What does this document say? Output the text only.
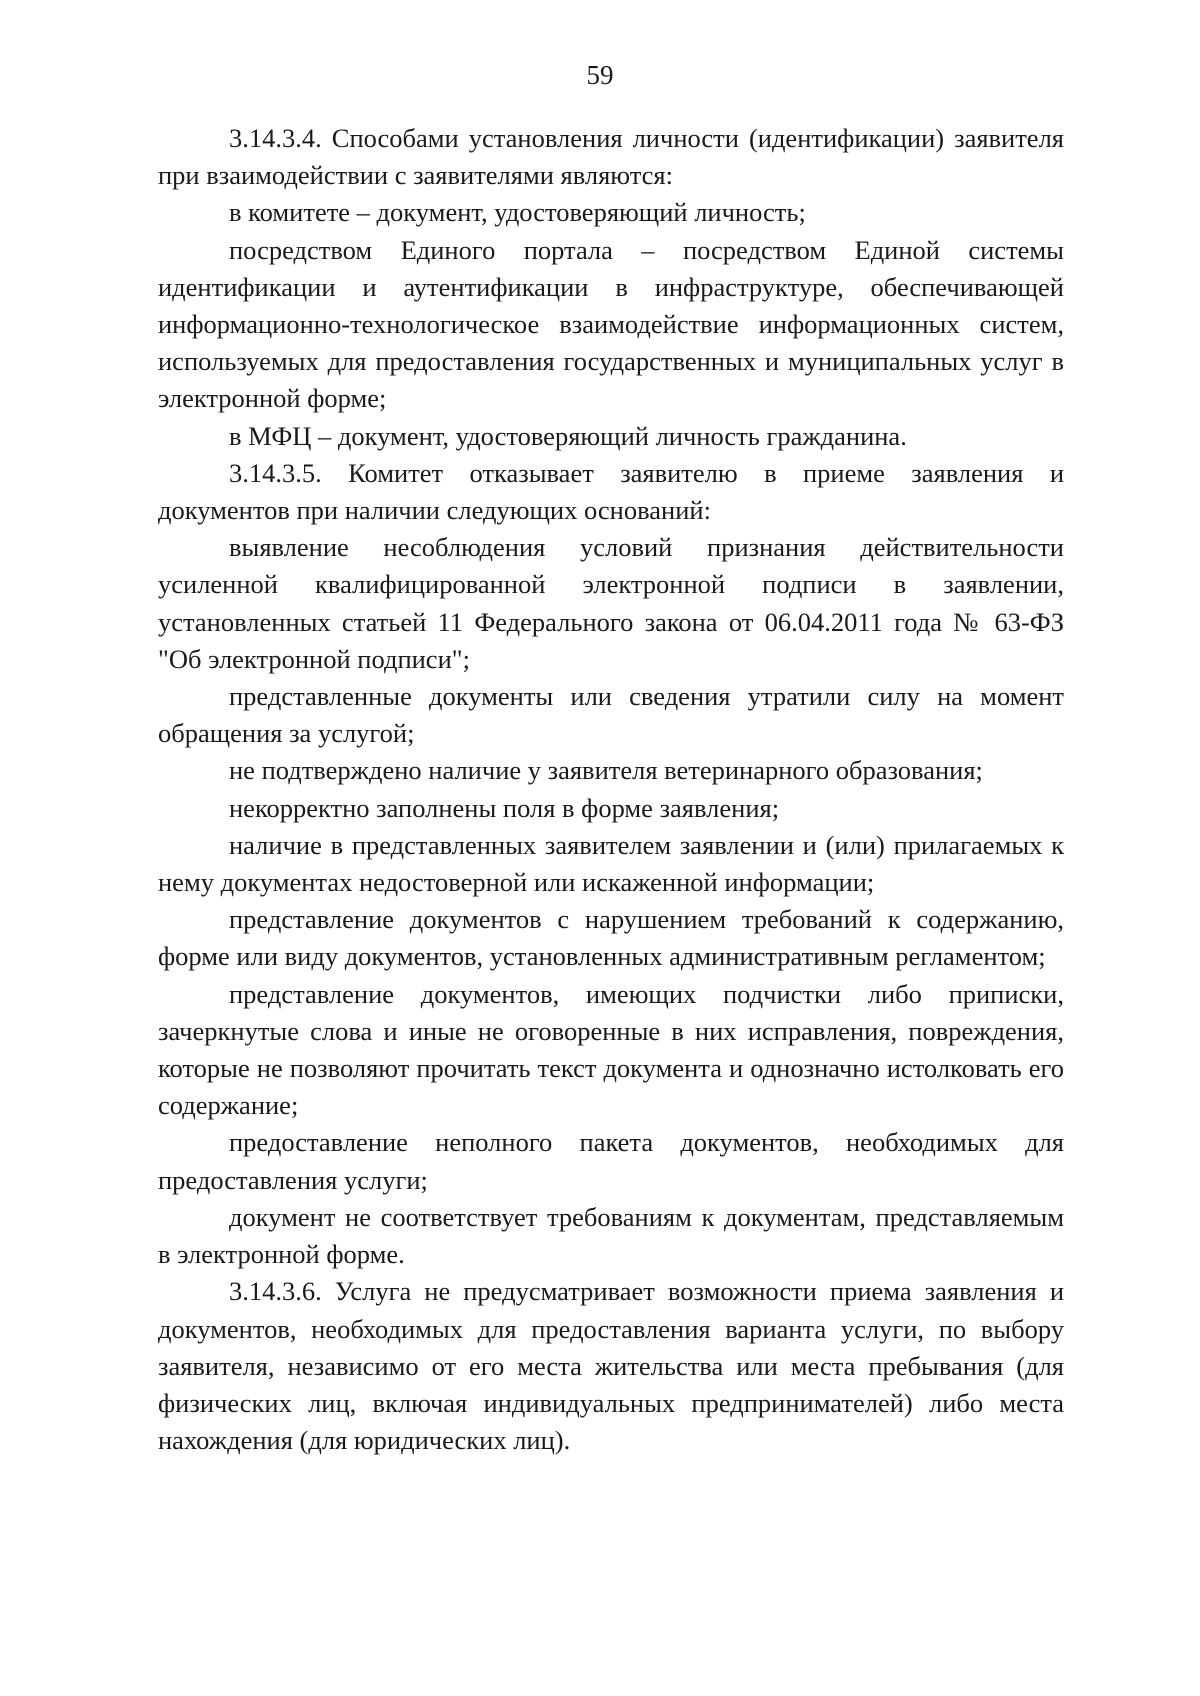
59

3.14.3.4. Способами установления личности (идентификации) заявителя при взаимодействии с заявителями являются:

в комитете – документ, удостоверяющий личность;

посредством Единого портала – посредством Единой системы идентификации и аутентификации в инфраструктуре, обеспечивающей информационно-технологическое взаимодействие информационных систем, используемых для предоставления государственных и муниципальных услуг в электронной форме;

в МФЦ – документ, удостоверяющий личность гражданина.

3.14.3.5. Комитет отказывает заявителю в приеме заявления и документов при наличии следующих оснований:

выявление несоблюдения условий признания действительности усиленной квалифицированной электронной подписи в заявлении, установленных статьей 11 Федерального закона от 06.04.2011 года № 63-ФЗ "Об электронной подписи";

представленные документы или сведения утратили силу на момент обращения за услугой;

не подтверждено наличие у заявителя ветеринарного образования;

некорректно заполнены поля в форме заявления;

наличие в представленных заявителем заявлении и (или) прилагаемых к нему документах недостоверной или искаженной информации;

представление документов с нарушением требований к содержанию, форме или виду документов, установленных административным регламентом;

представление документов, имеющих подчистки либо приписки, зачеркнутые слова и иные не оговоренные в них исправления, повреждения, которые не позволяют прочитать текст документа и однозначно истолковать его содержание;

предоставление неполного пакета документов, необходимых для предоставления услуги;

документ не соответствует требованиям к документам, представляемым в электронной форме.

3.14.3.6. Услуга не предусматривает возможности приема заявления и документов, необходимых для предоставления варианта услуги, по выбору заявителя, независимо от его места жительства или места пребывания (для физических лиц, включая индивидуальных предпринимателей) либо места нахождения (для юридических лиц).
